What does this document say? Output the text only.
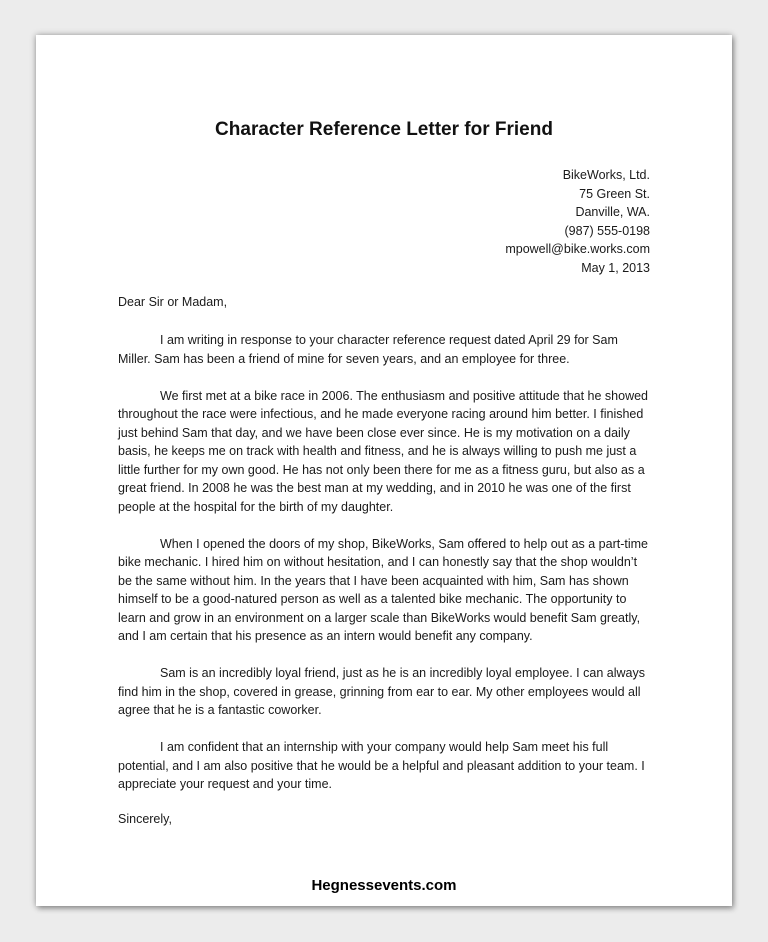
Character Reference Letter for Friend
BikeWorks, Ltd.
75 Green St.
Danville, WA.
(987) 555-0198
mpowell@bike.works.com
May 1, 2013
Dear Sir or Madam,

I am writing in response to your character reference request dated April 29 for Sam Miller. Sam has been a friend of mine for seven years, and an employee for three.

We first met at a bike race in 2006. The enthusiasm and positive attitude that he showed throughout the race were infectious, and he made everyone racing around him better. I finished just behind Sam that day, and we have been close ever since. He is my motivation on a daily basis, he keeps me on track with health and fitness, and he is always willing to push me just a little further for my own good. He has not only been there for me as a fitness guru, but also as a great friend. In 2008 he was the best man at my wedding, and in 2010 he was one of the first people at the hospital for the birth of my daughter.

When I opened the doors of my shop, BikeWorks, Sam offered to help out as a part-time bike mechanic. I hired him on without hesitation, and I can honestly say that the shop wouldn’t be the same without him. In the years that I have been acquainted with him, Sam has shown himself to be a good-natured person as well as a talented bike mechanic. The opportunity to learn and grow in an environment on a larger scale than BikeWorks would benefit Sam greatly, and I am certain that his presence as an intern would benefit any company.

Sam is an incredibly loyal friend, just as he is an incredibly loyal employee. I can always find him in the shop, covered in grease, grinning from ear to ear. My other employees would all agree that he is a fantastic coworker.

I am confident that an internship with your company would help Sam meet his full potential, and I am also positive that he would be a helpful and pleasant addition to your team. I appreciate your request and your time.

Sincerely,
Hegnessevents.com
